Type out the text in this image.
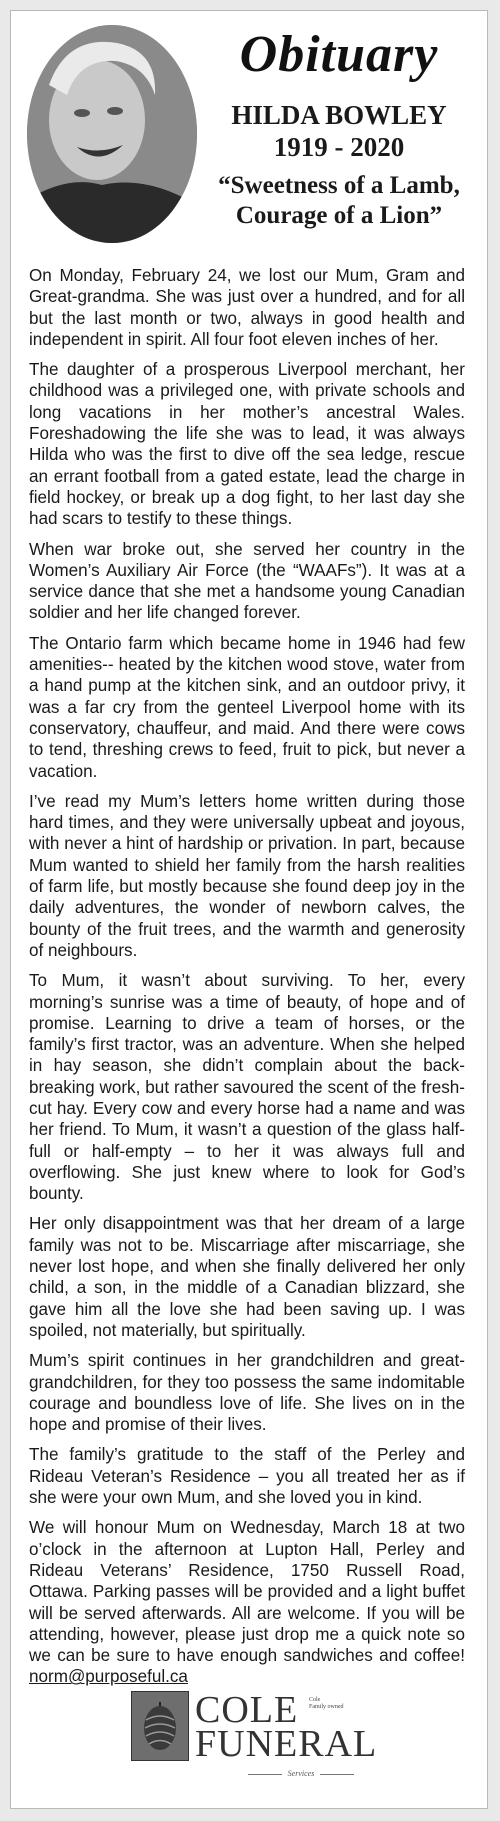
Obituary
HILDA BOWLEY
1919 - 2020
“Sweetness of a Lamb,
Courage of a Lion”

On Monday, February 24, we lost our Mum, Gram and Great-grandma. She was just over a hundred, and for all but the last month or two, always in good health and independent in spirit. All four foot eleven inches of her.

The daughter of a prosperous Liverpool merchant, her childhood was a privileged one, with private schools and long vacations in her mother’s ancestral Wales. Foreshadowing the life she was to lead, it was always Hilda who was the first to dive off the sea ledge, rescue an errant football from a gated estate, lead the charge in field hockey, or break up a dog fight, to her last day she had scars to testify to these things.

When war broke out, she served her country in the Women’s Auxiliary Air Force (the “WAAFs”). It was at a service dance that she met a handsome young Canadian soldier and her life changed forever.

The Ontario farm which became home in 1946 had few amenities-- heated by the kitchen wood stove, water from a hand pump at the kitchen sink, and an outdoor privy, it was a far cry from the genteel Liverpool home with its conservatory, chauffeur, and maid. And there were cows to tend, threshing crews to feed, fruit to pick, but never a vacation.

I’ve read my Mum’s letters home written during those hard times, and they were universally upbeat and joyous, with never a hint of hardship or privation. In part, because Mum wanted to shield her family from the harsh realities of farm life, but mostly because she found deep joy in the daily adventures, the wonder of newborn calves, the bounty of the fruit trees, and the warmth and generosity of neighbours.

To Mum, it wasn’t about surviving. To her, every morning’s sunrise was a time of beauty, of hope and of promise. Learning to drive a team of horses, or the family’s first tractor, was an adventure. When she helped in hay season, she didn’t complain about the back-breaking work, but rather savoured the scent of the fresh-cut hay. Every cow and every horse had a name and was her friend. To Mum, it wasn’t a question of the glass half-full or half-empty – to her it was always full and overflowing. She just knew where to look for God’s bounty.

Her only disappointment was that her dream of a large family was not to be. Miscarriage after miscarriage, she never lost hope, and when she finally delivered her only child, a son, in the middle of a Canadian blizzard, she gave him all the love she had been saving up. I was spoiled, not materially, but spiritually.

Mum’s spirit continues in her grandchildren and great-grandchildren, for they too possess the same indomitable courage and boundless love of life. She lives on in the hope and promise of their lives.

The family’s gratitude to the staff of the Perley and Rideau Veteran’s Residence – you all treated her as if she were your own Mum, and she loved you in kind.

We will honour Mum on Wednesday, March 18 at two o’clock in the afternoon at Lupton Hall, Perley and Rideau Veterans’ Residence, 1750 Russell Road, Ottawa. Parking passes will be provided and a light buffet will be served afterwards. All are welcome. If you will be attending, however, please just drop me a quick note so we can be sure to have enough sandwiches and coffee! norm@purposeful.ca

COLE Cole
Family owned
FUNERAL
Services
